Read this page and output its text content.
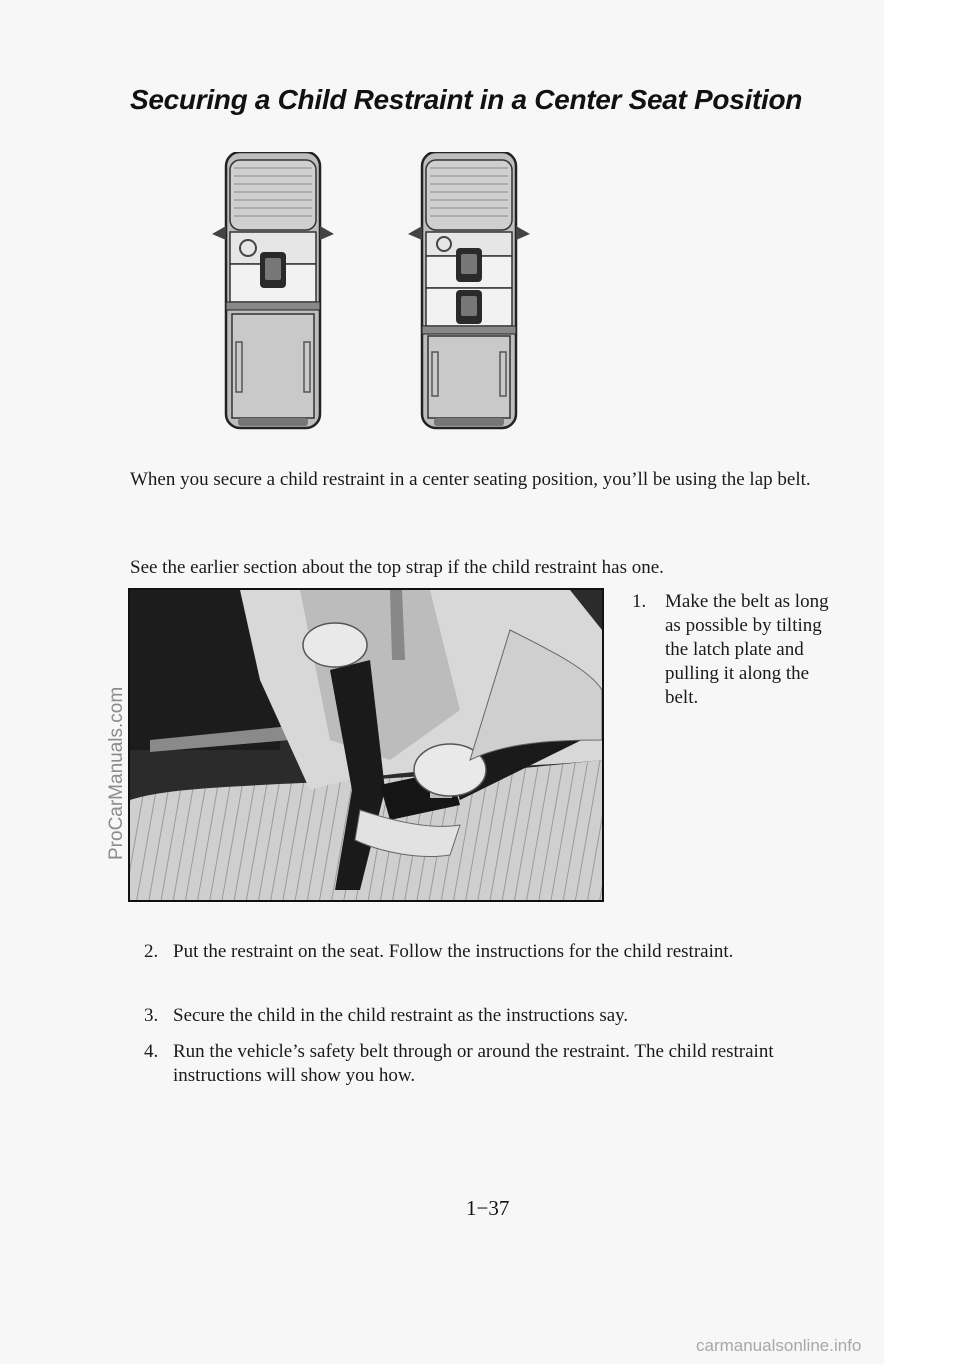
Securing a Child Restraint in a Center Seat Position
When you secure a child restraint in a center seating position, you’ll be using the lap belt.
See the earlier section about the top strap if the child restraint has one.
1. Make the belt as long as possible by tilting the latch plate and pulling it along the belt.
2. Put the restraint on the seat. Follow the instructions for the child restraint.
3. Secure the child in the child restraint as the instructions say.
4. Run the vehicle’s safety belt through or around the restraint. The child restraint instructions will show you how.
1−37
ProCarManuals.com
carmanualsonline.info
